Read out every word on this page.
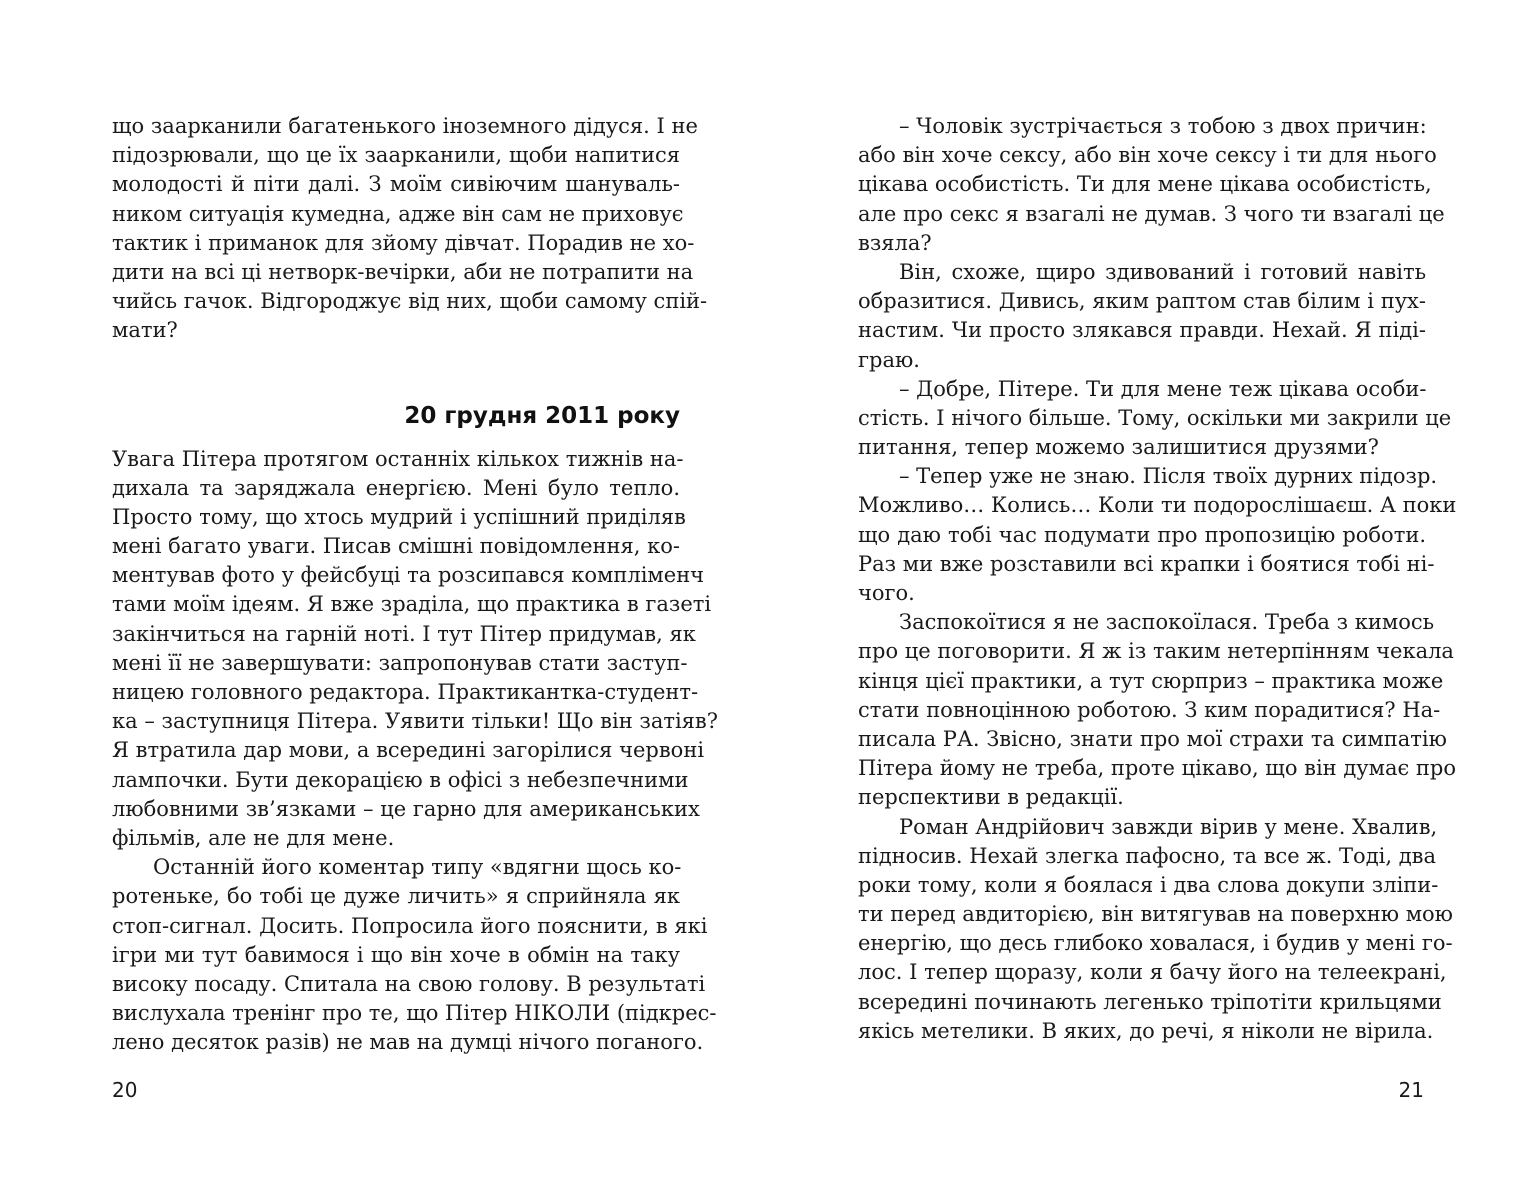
що заарканили багатенького іноземного дідуся. І не
підозрювали, що це їх заарканили, щоби напитися
молодості й піти далі. З моїм сивіючим шануваль-
ником ситуація кумедна, адже він сам не приховує
тактик і приманок для зйому дівчат. Порадив не хо-
дити на всі ці нетворк-вечірки, аби не потрапити на
чийсь гачок. Відгороджує від них, щоби самому спій-
мати?
20 грудня 2011 року
Увага Пітера протягом останніх кількох тижнів на-
дихала та заряджала енергією. Мені було тепло.
Просто тому, що хтось мудрий і успішний приділяв
мені багато уваги. Писав смішні повідомлення, ко-
ментував фото у фейсбуці та розсипався компліменч
тами моїм ідеям. Я вже зраділа, що практика в газеті
закінчиться на гарній ноті. І тут Пітер придумав, як
мені її не завершувати: запропонував стати заступ-
ницею головного редактора. Практикантка-студент-
ка – заступниця Пітера. Уявити тільки! Що він затіяв?
Я втратила дар мови, а всередині загорілися червоні
лампочки. Бути декорацією в офісі з небезпечними
любовними зв’язками – це гарно для американських
фільмів, але не для мене.
Останній його коментар типу «вдягни щось ко-
ротеньке, бо тобі це дуже личить» я сприйняла як
стоп-сигнал. Досить. Попросила його пояснити, в які
ігри ми тут бавимося і що він хоче в обмін на таку
високу посаду. Спитала на свою голову. В результаті
вислухала тренінг про те, що Пітер НІКОЛИ (підкрес-
лено десяток разів) не мав на думці нічого поганого.
– Чоловік зустрічається з тобою з двох причин:
або він хоче сексу, або він хоче сексу і ти для нього
цікава особистість. Ти для мене цікава особистість,
але про секс я взагалі не думав. З чого ти взагалі це
взяла?
Він, схоже, щиро здивований і готовий навіть
образитися. Дивись, яким раптом став білим і пух-
настим. Чи просто злякався правди. Нехай. Я піді-
граю.
– Добре, Пітере. Ти для мене теж цікава особи-
стість. І нічого більше. Тому, оскільки ми закрили це
питання, тепер можемо залишитися друзями?
– Тепер уже не знаю. Після твоїх дурних підозр.
Можливо… Колись… Коли ти подорослішаєш. А поки
що даю тобі час подумати про пропозицію роботи.
Раз ми вже розставили всі крапки і боятися тобі ні-
чого.
Заспокоїтися я не заспокоїлася. Треба з кимось
про це поговорити. Я ж із таким нетерпінням чекала
кінця цієї практики, а тут сюрприз – практика може
стати повноцінною роботою. З ким порадитися? На-
писала РА. Звісно, знати про мої страхи та симпатію
Пітера йому не треба, проте цікаво, що він думає про
перспективи в редакції.
Роман Андрійович завжди вірив у мене. Хвалив,
підносив. Нехай злегка пафосно, та все ж. Тоді, два
роки тому, коли я боялася і два слова докупи зліпи-
ти перед авдиторією, він витягував на поверхню мою
енергію, що десь глибоко ховалася, і будив у мені го-
лос. І тепер щоразу, коли я бачу його на телеекрані,
всередині починають легенько тріпотіти крильцями
якісь метелики. В яких, до речі, я ніколи не вірила.
20	21
